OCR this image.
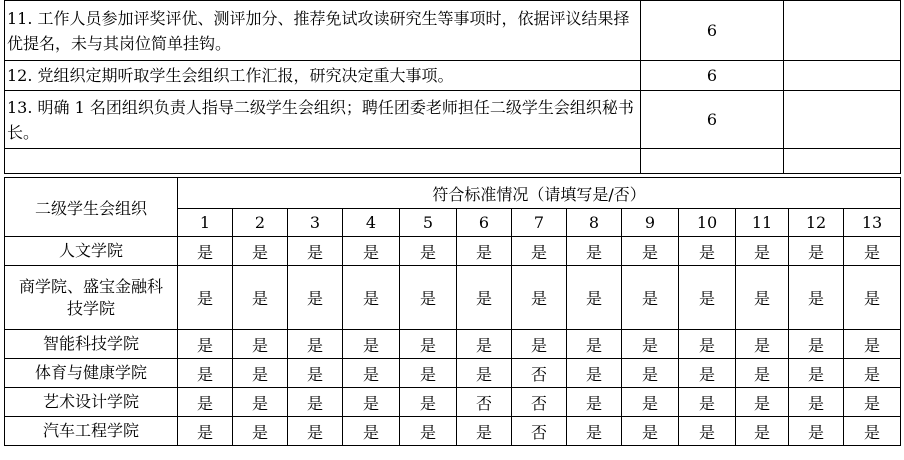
11. 工作人员参加评奖评优、测评加分、推荐免试攻读研究生等事项时，依据评议结果择优提名，未与其岗位简单挂钩。	6	
12. 党组织定期听取学生会组织工作汇报，研究决定重大事项。	6	
13. 明确 1 名团组织负责人指导二级学生会组织；聘任团委老师担任二级学生会组织秘书长。	6	

二级学生会组织	符合标准情况（请填写是/否）												
	1	2	3	4	5	6	7	8	9	10	11	12	13
人文学院	是	是	是	是	是	是	是	是	是	是	是	是	是
商学院、盛宝金融科技学院	是	是	是	是	是	是	是	是	是	是	是	是	是
智能科技学院	是	是	是	是	是	是	是	是	是	是	是	是	是
体育与健康学院	是	是	是	是	是	是	否	是	是	是	是	是	是
艺术设计学院	是	是	是	是	是	否	否	是	是	是	是	是	是
汽车工程学院	是	是	是	是	是	是	否	是	是	是	是	是	是
